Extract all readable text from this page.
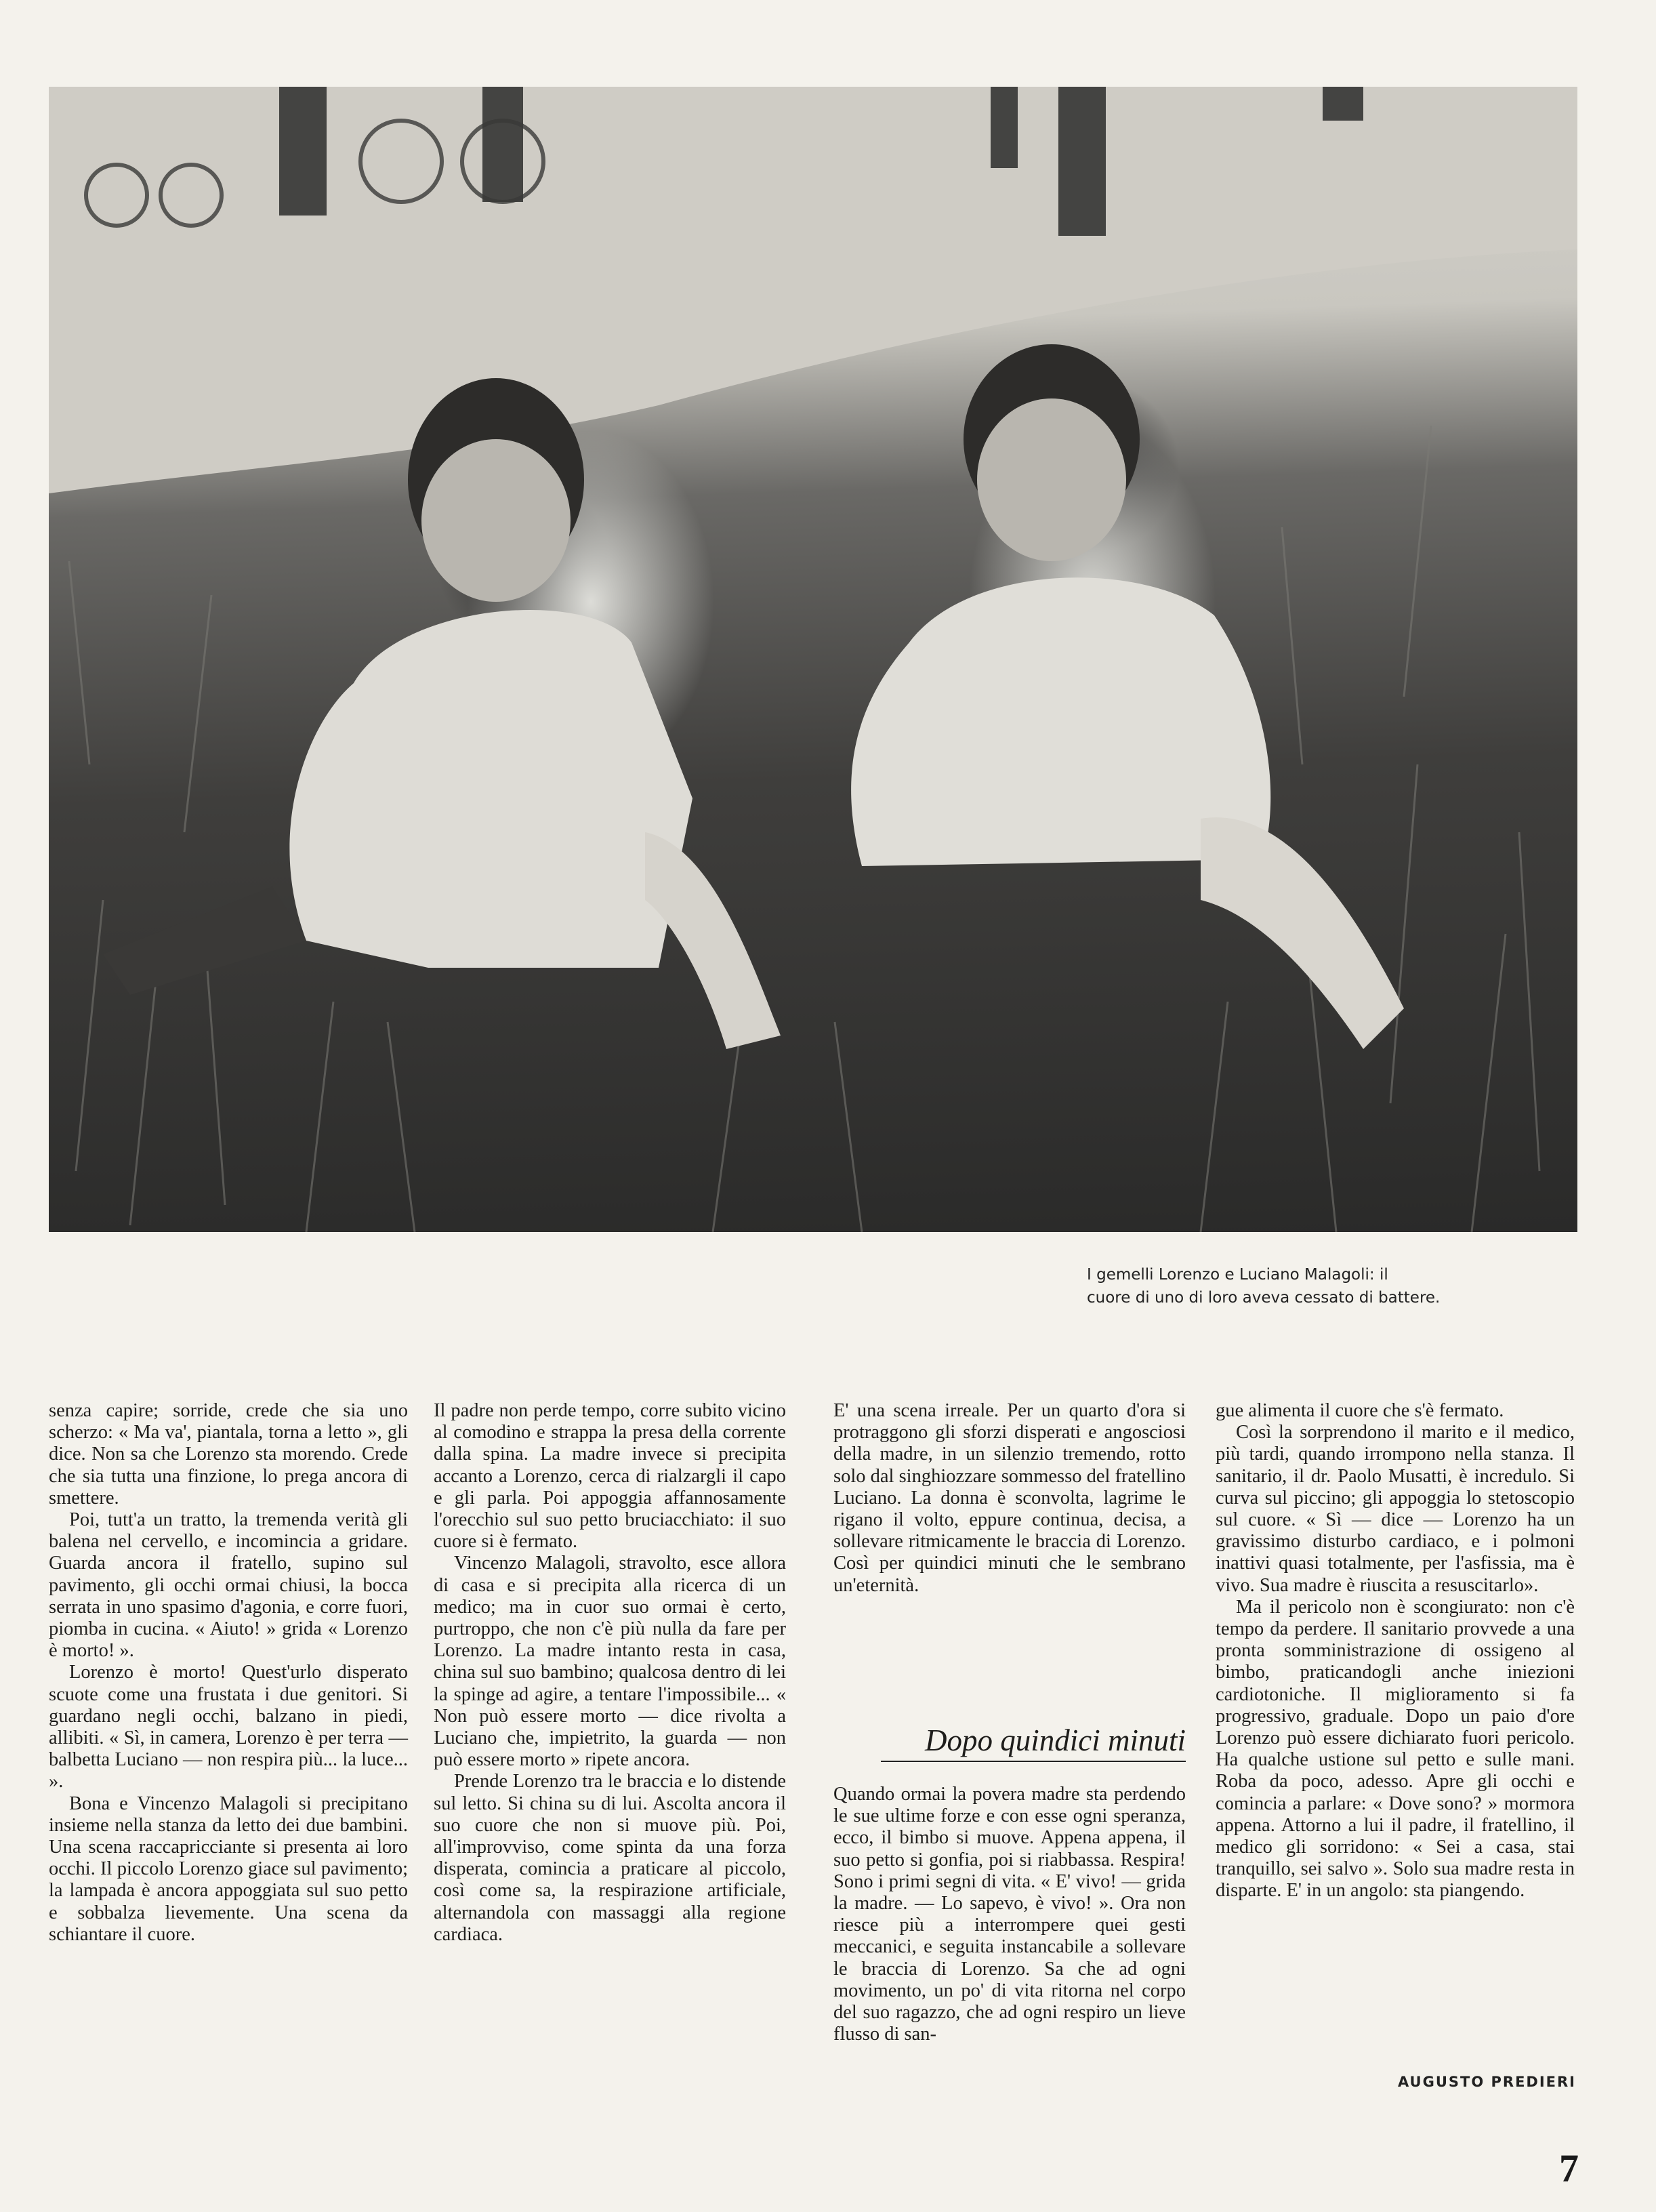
I gemelli Lorenzo e Luciano Malagoli: il
cuore di uno di loro aveva cessato di battere.

senza capire; sorride, crede che sia uno scherzo: « Ma va', piantala, torna a letto », gli dice. Non sa che Lorenzo sta morendo. Crede che sia tutta una finzione, lo prega ancora di smettere.

Poi, tutt'a un tratto, la tremenda verità gli balena nel cervello, e incomincia a gridare. Guarda ancora il fratello, supino sul pavimento, gli occhi ormai chiusi, la bocca serrata in uno spasimo d'agonia, e corre fuori, piomba in cucina. « Aiuto! » grida « Lorenzo è morto! ».

Lorenzo è morto! Quest'urlo disperato scuote come una frustata i due genitori. Si guardano negli occhi, balzano in piedi, allibiti. « Sì, in camera, Lorenzo è per terra — balbetta Luciano — non respira più... la luce... ».

Bona e Vincenzo Malagoli si precipitano insieme nella stanza da letto dei due bambini. Una scena raccapricciante si presenta ai loro occhi. Il piccolo Lorenzo giace sul pavimento; la lampada è ancora appoggiata sul suo petto e sobbalza lievemente. Una scena da schiantare il cuore.

Il padre non perde tempo, corre subito vicino al comodino e strappa la presa della corrente dalla spina. La madre invece si precipita accanto a Lorenzo, cerca di rialzargli il capo e gli parla. Poi appoggia affannosamente l'orecchio sul suo petto bruciacchiato: il suo cuore si è fermato.

Vincenzo Malagoli, stravolto, esce allora di casa e si precipita alla ricerca di un medico; ma in cuor suo ormai è certo, purtroppo, che non c'è più nulla da fare per Lorenzo. La madre intanto resta in casa, china sul suo bambino; qualcosa dentro di lei la spinge ad agire, a tentare l'impossibile... « Non può essere morto — dice rivolta a Luciano che, impietrito, la guarda — non può essere morto » ripete ancora.

Prende Lorenzo tra le braccia e lo distende sul letto. Si china su di lui. Ascolta ancora il suo cuore che non si muove più. Poi, all'improvviso, come spinta da una forza disperata, comincia a praticare al piccolo, così come sa, la respirazione artificiale, alternandola con massaggi alla regione cardiaca.

E' una scena irreale. Per un quarto d'ora si protraggono gli sforzi disperati e angosciosi della madre, in un silenzio tremendo, rotto solo dal singhiozzare sommesso del fratellino Luciano. La donna è sconvolta, lagrime le rigano il volto, eppure continua, decisa, a sollevare ritmicamente le braccia di Lorenzo. Così per quindici minuti che le sembrano un'eternità.

Dopo quindici minuti

Quando ormai la povera madre sta perdendo le sue ultime forze e con esse ogni speranza, ecco, il bimbo si muove. Appena appena, il suo petto si gonfia, poi si riabbassa. Respira! Sono i primi segni di vita. « E' vivo! — grida la madre. — Lo sapevo, è vivo! ». Ora non riesce più a interrompere quei gesti meccanici, e seguita instancabile a sollevare le braccia di Lorenzo. Sa che ad ogni movimento, un po' di vita ritorna nel corpo del suo ragazzo, che ad ogni respiro un lieve flusso di san-

gue alimenta il cuore che s'è fermato.

Così la sorprendono il marito e il medico, più tardi, quando irrompono nella stanza. Il sanitario, il dr. Paolo Musatti, è incredulo. Si curva sul piccino; gli appoggia lo stetoscopio sul cuore. « Sì — dice — Lorenzo ha un gravissimo disturbo cardiaco, e i polmoni inattivi quasi totalmente, per l'asfissia, ma è vivo. Sua madre è riuscita a resuscitarlo».

Ma il pericolo non è scongiurato: non c'è tempo da perdere. Il sanitario provvede a una pronta somministrazione di ossigeno al bimbo, praticandogli anche iniezioni cardiotoniche. Il miglioramento si fa progressivo, graduale. Dopo un paio d'ore Lorenzo può essere dichiarato fuori pericolo. Ha qualche ustione sul petto e sulle mani. Roba da poco, adesso. Apre gli occhi e comincia a parlare: « Dove sono? » mormora appena. Attorno a lui il padre, il fratellino, il medico gli sorridono: « Sei a casa, stai tranquillo, sei salvo ». Solo sua madre resta in disparte. E' in un angolo: sta piangendo.

AUGUSTO PREDIERI
7
